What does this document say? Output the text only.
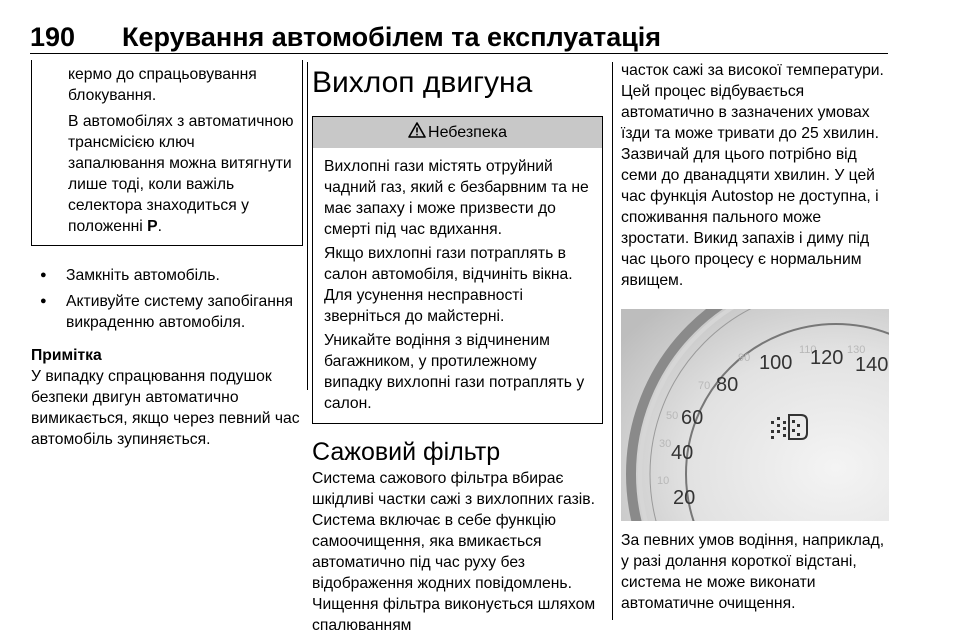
190 Керування автомобілем та експлуатація

кермо до спрацьовування блокування.

В автомобілях з автоматичною трансмісією ключ запалювання можна витягнути лише тоді, коли важіль селектора знаходиться у положенні P.

● Замкніть автомобіль.
● Активуйте систему запобігання викраденню автомобіля.

Примітка

У випадку спрацювання подушок безпеки двигун автоматично вимикається, якщо через певний час автомобіль зупиняється.

Вихлоп двигуна
Небезпека

Вихлопні гази містять отруйний чадний газ, який є безбарвним та не має запаху і може призвести до смерті під час вдихання.

Якщо вихлопні гази потраплять в салон автомобіля, відчиніть вікна. Для усунення несправності зверніться до майстерні.

Уникайте водіння з відчиненим багажником, у протилежному випадку вихлопні гази потраплять у салон.

Сажовий фільтр

Система сажового фільтра вбирає шкідливі частки сажі з вихлопних газів. Система включає в себе функцію самоочищення, яка вмикається автоматично під час руху без відображення жодних повідомлень. Чищення фільтра виконується шляхом спалюванням

часток сажі за високої температури. Цей процес відбувається автоматично в зазначених умовах їзди та може тривати до 25 хвилин. Зазвичай для цього потрібно від семи до дванадцяти хвилин. У цей час функція Autostop не доступна, і споживання пального може зростати. Викид запахів і диму під час цього процесу є нормальним явищем.

10
30
50
70
90
110	130
20
40
60
80
100 120 140

За певних умов водіння, наприклад, у разі долання короткої відстані, система не може виконати автоматичне очищення.
